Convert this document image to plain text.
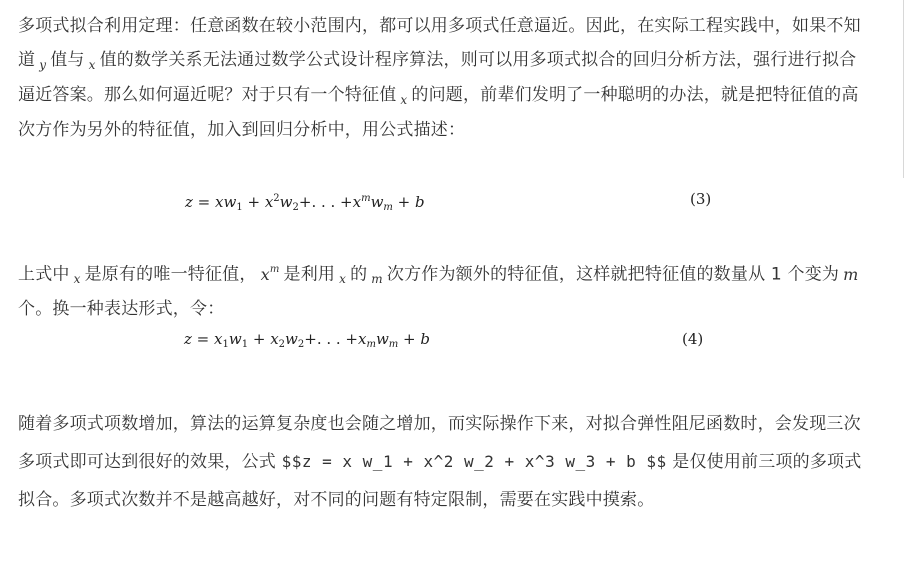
多项式拟合利用定理：任意函数在较小范围内，都可以用多项式任意逼近。因此，在实际工程实践中，如果不知道 $_y$ 值与 $_x$ 值的数学关系无法通过数学公式设计程序算法，则可以用多项式拟合的回归分析方法，强行进行拟合逼近答案。那么如何逼近呢？对于只有一个特征值 $_x$ 的问题，前辈们发明了一种聪明的办法，就是把特征值的高次方作为另外的特征值，加入到回归分析中，用公式描述：

$z = xw_1 + x^2w_2+$. . . $+x^mw_m + b$	(3)

上式中 $_x$ 是原有的唯一特征值， $x^m$ 是利用 $_x$ 的 $_m$ 次方作为额外的特征值，这样就把特征值的数量从 1 个变为 m个。换一种表达形式，令：

$z = x_1w_1 + x_2w_2+$. . . $+x_mw_m + b$	(4)

随着多项式项数增加，算法的运算复杂度也会随之增加，而实际操作下来，对拟合弹性阻尼函数时，会发现三次多项式即可达到很好的效果，公式 $$z = x w_1 + x^2 w_2 + x^3 w_3 + b $$ 是仅使用前三项的多项式拟合。多项式次数并不是越高越好，对不同的问题有特定限制，需要在实践中摸索。
